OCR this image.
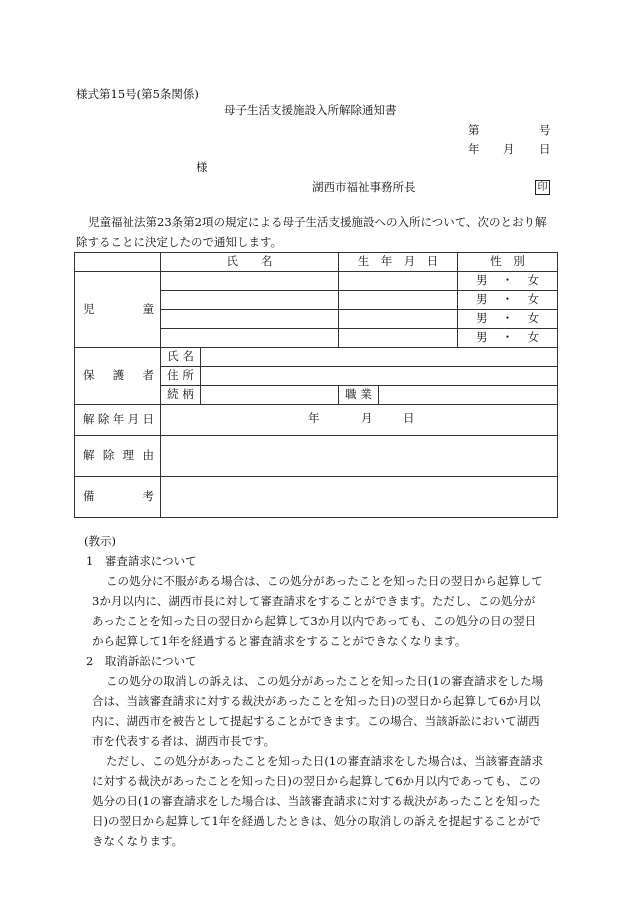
様式第15号(第5条関係)
母子生活支援施設入所解除通知書
第	号
年 月 日
様
湖西市福祉事務所長	印
児童福祉法第23条第2項の規定による母子生活支援施設への入所について、次のとおり解
除することに決定したので通知します。
	氏　　名		生　年　月　日		性　別
児童					男 ・ 女

					男 ・ 女

					男 ・ 女

					男 ・ 女

保護者	氏 名				
	住 所				
	続 柄		職 業		
解除年月日	年 月 日				

解除理由					
備考					
(教示)
1　審査請求について
この処分に不服がある場合は、この処分があったことを知った日の翌日から起算して
3か月以内に、湖西市長に対して審査請求をすることができます。ただし、この処分が
あったことを知った日の翌日から起算して3か月以内であっても、この処分の日の翌日
から起算して1年を経過すると審査請求をすることができなくなります。
2　取消訴訟について
この処分の取消しの訴えは、この処分があったことを知った日(1の審査請求をした場
合は、当該審査請求に対する裁決があったことを知った日)の翌日から起算して6か月以
内に、湖西市を被告として提起することができます。この場合、当該訴訟において湖西
市を代表する者は、湖西市長です。
ただし、この処分があったことを知った日(1の審査請求をした場合は、当該審査請求
に対する裁決があったことを知った日)の翌日から起算して6か月以内であっても、この
処分の日(1の審査請求をした場合は、当該審査請求に対する裁決があったことを知った
日)の翌日から起算して1年を経過したときは、処分の取消しの訴えを提起することがで
きなくなります。
